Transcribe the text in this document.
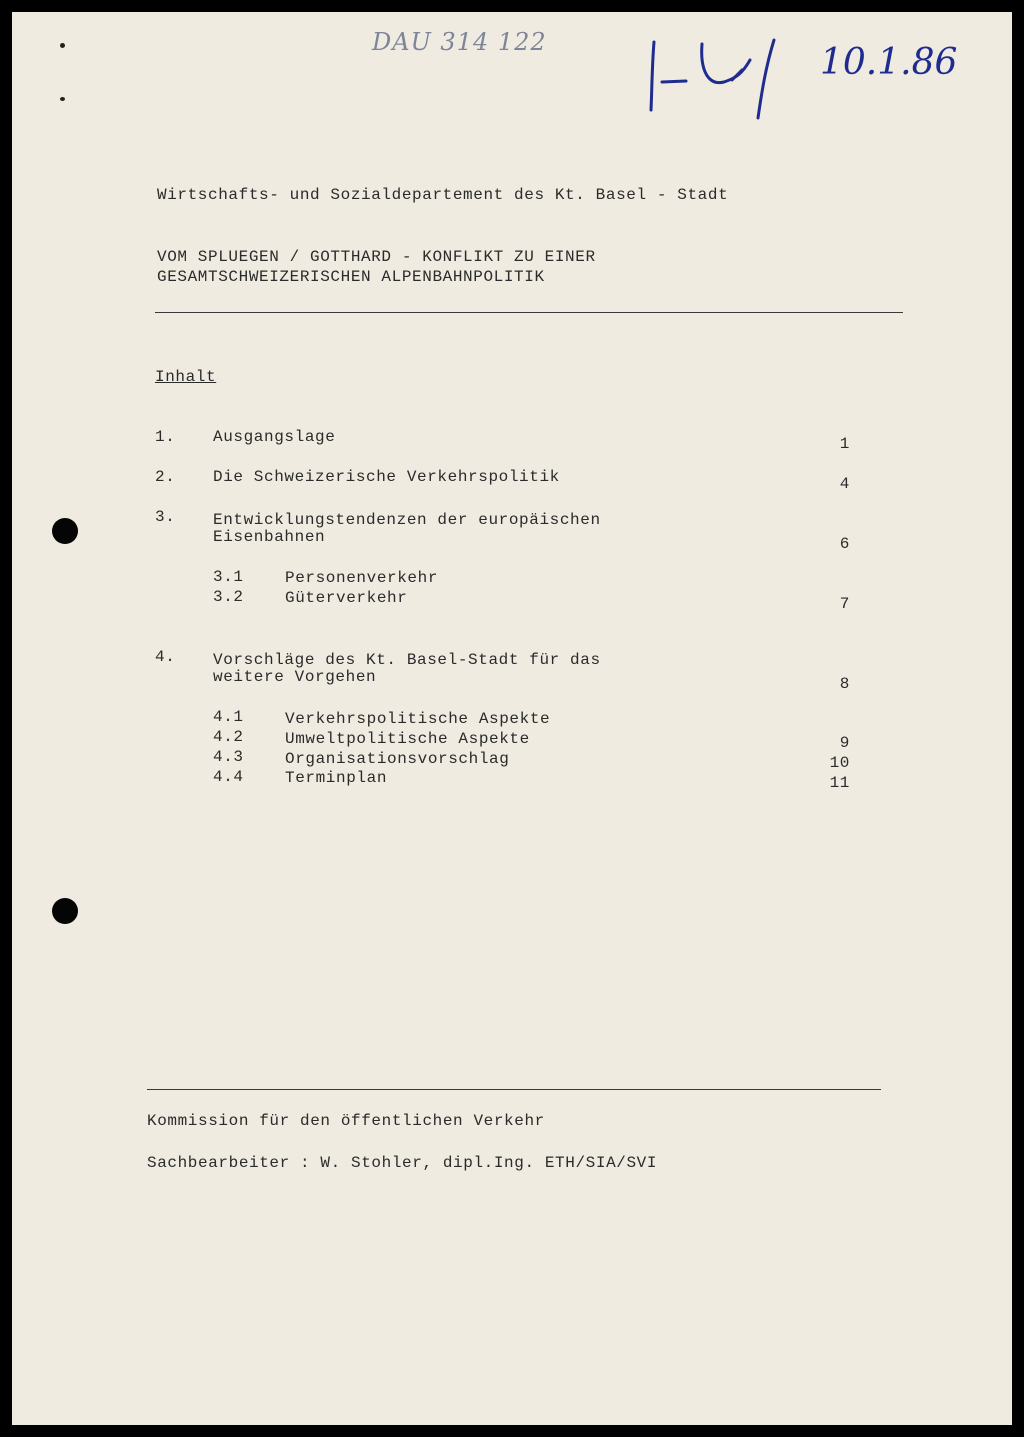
DAU 314 122	10.1.86
Wirtschafts- und Sozialdepartement des Kt. Basel - Stadt
VOM SPLUEGEN / GOTTHARD - KONFLIKT ZU EINER
GESAMTSCHWEIZERISCHEN ALPENBAHNPOLITIK
Inhalt
1. Ausgangslage	1
2. Die Schweizerische Verkehrspolitik	4
3. Entwicklungstendenzen der europäischen
Eisenbahnen	6
3.1	Personenverkehr
3.2	Güterverkehr	7
4. Vorschläge des Kt. Basel-Stadt für das
weitere Vorgehen	8
4.1	Verkehrspolitische Aspekte
4.2	Umweltpolitische Aspekte	9
4.3	Organisationsvorschlag	10
4.4	Terminplan	11
Kommission für den öffentlichen Verkehr
Sachbearbeiter : W. Stohler, dipl.Ing. ETH/SIA/SVI
